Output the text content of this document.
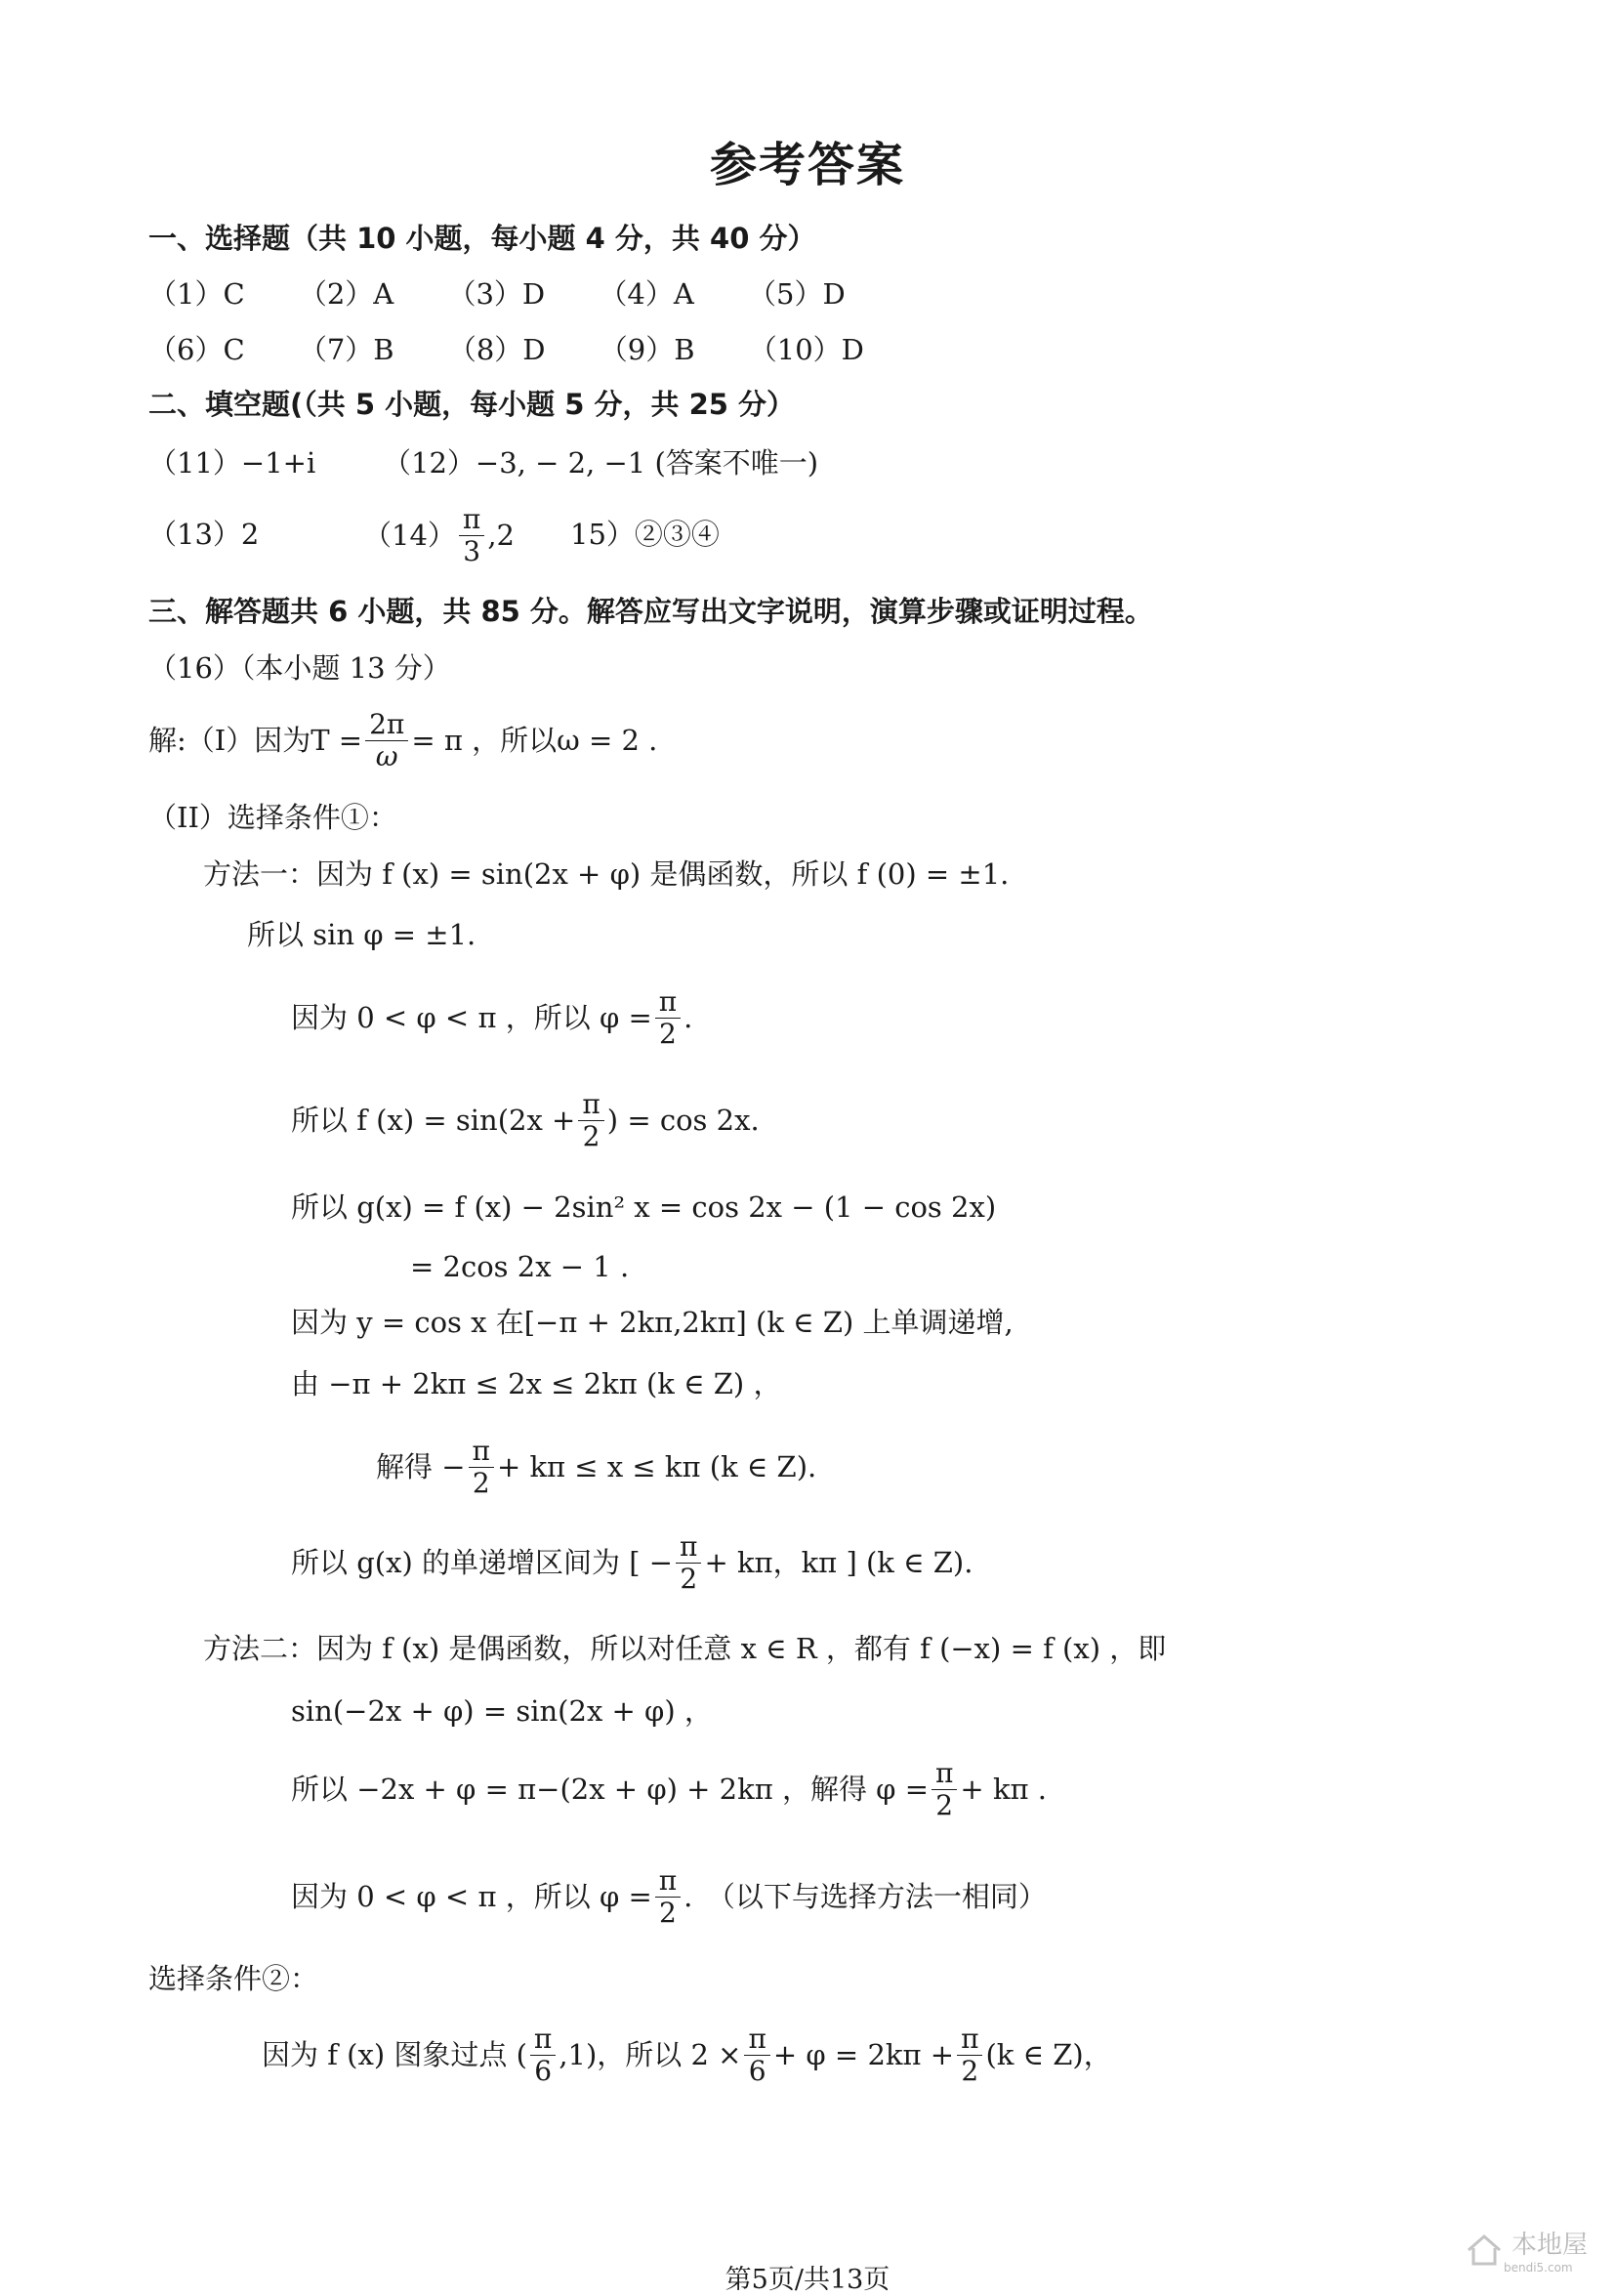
参考答案
一、选择题（共 10 小题，每小题 4 分，共 40 分）
（1）C （2）A （3）D （4）A （5）D
（6）C （7）B （8）D （9）B （10）D
二、填空题(（共 5 小题，每小题 5 分，共 25 分）
（11）−1+i （12）−3, − 2, −1 (答案不唯一)
（13）2	$(14) \frac{\pi}{3} ,2$ 15）②③④
三、解答题共 6 小题，共 85 分。解答应写出文字说明，演算步骤或证明过程。
（16）（本小题 13 分）
解:（I）因为$T = \frac{2\pi}{\omega} = \pi$ ，所以ω = 2 .
（II）选择条件①：
方法一：因为 f (x) = sin(2x + φ) 是偶函数，所以 f (0) = ±1.
所以 sin φ = ±1.
因为 0 < φ < π ，所以 $\varphi = \frac{\pi}{2}$ .
所以 f $(x) = \sin(2x + \frac{\pi}{2}$ ) = cos 2x.
所以 g(x) = f (x) − 2sin² x = cos 2x − (1 − cos 2x)
= 2cos 2x − 1 .
因为 y = cos x 在[−π + 2kπ,2kπ] (k ∈ Z) 上单调递增,
由 −π + 2kπ ≤ 2x ≤ 2kπ (k ∈ Z) ，
解得 − $\frac{\pi}{2} + k\pi \le x \le k\pi$ (k ∈ Z).
所以 g(x) 的单递增区间为 [ − $\frac{\pi}{2} + k\pi$，kπ ] (k ∈ Z).
方法二：因为 f (x) 是偶函数，所以对任意 x ∈ R ，都有 f (−x) = f (x) ，即
sin(−2x + φ) = sin(2x + φ) ，
所以 −2x + φ = π−(2x + φ) + 2kπ ，解得 $\varphi = \frac{\pi}{2} + k\pi$ .
因为 0 < φ < π ，所以 $\varphi = \frac{\pi}{2}$ .　（以下与选择方法一相同）
选择条件②：
因为 f (x) 图象过点 ( $\frac{\pi}{6} ,1$)，所以 $2 \times \frac{\pi}{6} + \varphi = 2k\pi + \frac{\pi}{2} (k$ ∈ Z)，
第5页/共13页
本地屋
bendi5.com
